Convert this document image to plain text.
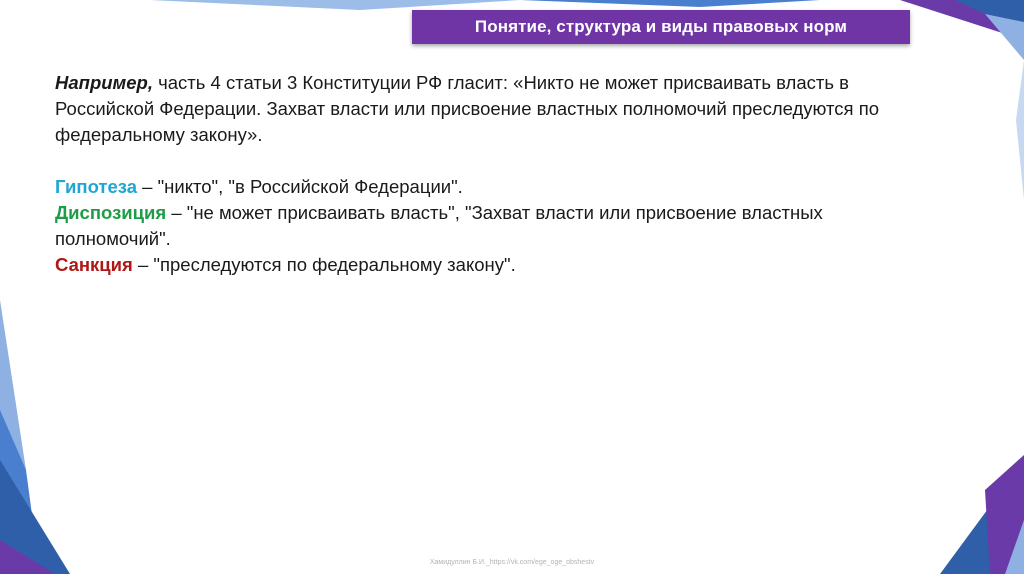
Понятие, структура и виды правовых норм

Например, часть 4 статьи 3 Конституции РФ гласит: «Никто не может присваивать власть в Российской Федерации. Захват власти или присвоение властных полномочий преследуются по федеральному закону».

Гипотеза – "никто", "в Российской Федерации".

Диспозиция – "не может присваивать власть", "Захват власти или присвоение властных полномочий".

Санкция – "преследуются по федеральному закону".

Хамидуллин Б.И._https://vk.com/ege_oge_obshestv
